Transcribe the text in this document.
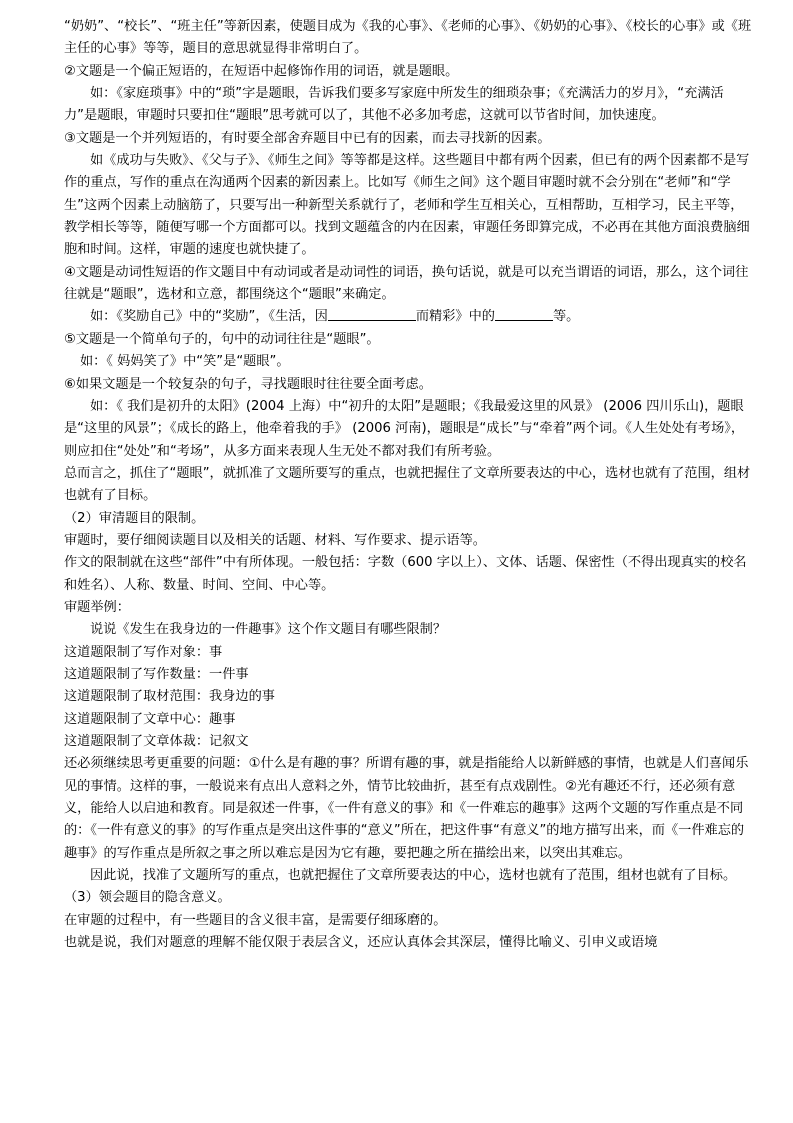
“奶奶”、“校长”、“班主任”等新因素，使题目成为《我的心事》、《老师的心事》、《奶奶的心事》、《校长的心事》或《班主任的心事》等等，题目的意思就显得非常明白了。

②文题是一个偏正短语的，在短语中起修饰作用的词语，就是题眼。

如：《家庭琐事》中的“琐”字是题眼，告诉我们要多写家庭中所发生的细琐杂事；《充满活力的岁月》，“充满活力”是题眼，审题时只要扣住“题眼”思考就可以了，其他不必多加考虑，这就可以节省时间，加快速度。

③文题是一个并列短语的，有时要全部舍弃题目中已有的因素，而去寻找新的因素。

如《成功与失败》、《父与子》、《师生之间》等等都是这样。这些题目中都有两个因素，但已有的两个因素都不是写作的重点，写作的重点在沟通两个因素的新因素上。比如写《师生之间》这个题目审题时就不会分别在“老师”和“学生”这两个因素上动脑筋了，只要写出一种新型关系就行了，老师和学生互相关心，互相帮助，互相学习，民主平等，教学相长等等，随便写哪一个方面都可以。找到文题蕴含的内在因素，审题任务即算完成，不必再在其他方面浪费脑细胞和时间。这样，审题的速度也就快捷了。

④文题是动词性短语的作文题目中有动词或者是动词性的词语，换句话说，就是可以充当谓语的词语，那么，这个词往往就是“题眼”，选材和立意，都围绕这个“题眼”来确定。

如：《奖励自己》中的“奖励”，《生活，因	而精彩》中的	等。

⑤文题是一个简单句子的，句中的动词往往是“题眼”。

如：《 妈妈笑了》中“笑”是“题眼”。

⑥如果文题是一个较复杂的句子，寻找题眼时往往要全面考虑。

如：《 我们是初升的太阳》(2004 上海）中“初升的太阳”是题眼；《我最爱这里的风景》 (2006 四川乐山)，题眼是“这里的风景”；《成长的路上，他牵着我的手》 (2006 河南)，题眼是“成长”与“牵着”两个词。《人生处处有考场》，则应扣住“处处”和“考场”，从多方面来表现人生无处不都对我们有所考验。

总而言之，抓住了“题眼”，就抓准了文题所要写的重点，也就把握住了文章所要表达的中心，选材也就有了范围，组材也就有了目标。

（2）审清题目的限制。

审题时，要仔细阅读题目以及相关的话题、材料、写作要求、提示语等。

作文的限制就在这些“部件”中有所体现。一般包括：字数（600 字以上）、文体、话题、保密性（不得出现真实的校名和姓名）、人称、数量、时间、空间、中心等。

审题举例：

说说《发生在我身边的一件趣事》这个作文题目有哪些限制？

这道题限制了写作对象：事

这道题限制了写作数量：一件事

这道题限制了取材范围：我身边的事

这道题限制了文章中心：趣事

这道题限制了文章体裁：记叙文

还必须继续思考更重要的问题：①什么是有趣的事？所谓有趣的事，就是指能给人以新鲜感的事情，也就是人们喜闻乐见的事情。这样的事，一般说来有点出人意料之外，情节比较曲折，甚至有点戏剧性。②光有趣还不行，还必须有意义，能给人以启迪和教育。同是叙述一件事，《一件有意义的事》和《一件难忘的趣事》这两个文题的写作重点是不同的：《一件有意义的事》的写作重点是突出这件事的“意义”所在，把这件事“有意义”的地方描写出来，而《一件难忘的趣事》的写作重点是所叙之事之所以难忘是因为它有趣，要把趣之所在描绘出来，以突出其难忘。

因此说，找准了文题所写的重点，也就把握住了文章所要表达的中心，选材也就有了范围，组材也就有了目标。

（3）领会题目的隐含意义。

在审题的过程中，有一些题目的含义很丰富，是需要仔细琢磨的。

也就是说，我们对题意的理解不能仅限于表层含义，还应认真体会其深层，懂得比喻义、引申义或语境
